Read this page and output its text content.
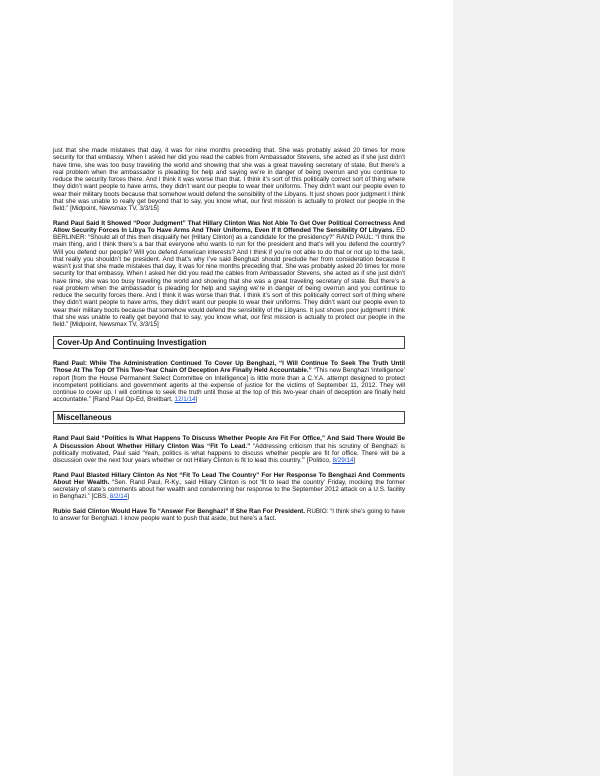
just that she made mistakes that day, it was for nine months preceding that. She was probably asked 20 times for more security for that embassy. When I asked her did you read the cables from Ambassador Stevens, she acted as if she just didn’t have time, she was too busy traveling the world and showing that she was a great traveling secretary of state. But there’s a real problem when the ambassador is pleading for help and saying we’re in danger of being overrun and you continue to reduce the security forces there. And I think it was worse than that. I think it’s sort of this politically correct sort of thing where they didn’t want people to have arms, they didn’t want our people to wear their uniforms. They didn’t want our people even to wear their military boots because that somehow would defend the sensibility of the Libyans. It just shows poor judgment I think that she was unable to really get beyond that to say, you know what, our first mission is actually to protect our people in the field.” [Midpoint, Newsmax TV, 3/3/15]

Rand Paul Said It Showed “Poor Judgment” That Hillary Clinton Was Not Able To Get Over Political Correctness And Allow Security Forces In Libya To Have Arms And Their Uniforms, Even If It Offended The Sensibility Of Libyans. ED BERLINER: “Should all of this then disqualify her [Hillary Clinton] as a candidate for the presidency?” RAND PAUL: “I think the main thing, and I think there’s a bar that everyone who wants to run for the president and that’s will you defend the country? Will you defend our people? Will you defend American interests? And I think if you’re not able to do that or not up to the task, that really you shouldn’t be president. And that’s why I’ve said Benghazi should preclude her from consideration because it wasn’t just that she made mistakes that day, it was for nine months preceding that. She was probably asked 20 times for more security for that embassy. When I asked her did you read the cables from Ambassador Stevens, she acted as if she just didn’t have time, she was too busy traveling the world and showing that she was a great traveling secretary of state. But there’s a real problem when the ambassador is pleading for help and saying we’re in danger of being overrun and you continue to reduce the security forces there. And I think it was worse than that. I think it’s sort of this politically correct sort of thing where they didn’t want people to have arms, they didn’t want our people to wear their uniforms. They didn’t want our people even to wear their military boots because that somehow would defend the sensibility of the Libyans. It just shows poor judgment I think that she was unable to really get beyond that to say, you know what, our first mission is actually to protect our people in the field.” [Midpoint, Newsmax TV, 3/3/15]

Cover-Up And Continuing Investigation

Rand Paul: While The Administration Continued To Cover Up Benghazi, “I Will Continue To Seek The Truth Until Those At The Top Of This Two-Year Chain Of Deception Are Finally Held Accountable.” “This new Benghazi ‘intelligence’ report [from the House Permanent Select Committee on Intelligence] is little more than a C.Y.A. attempt designed to protect incompetent politicians and government agents at the expense of justice for the victims of September 11, 2012. They will continue to cover up. I will continue to seek the truth until those at the top of this two-year chain of deception are finally held accountable.” [Rand Paul Op-Ed, Breitbart, 12/1/14]

Miscellaneous

Rand Paul Said “Politics Is What Happens To Discuss Whether People Are Fit For Office,” And Said There Would Be A Discussion About Whether Hillary Clinton Was “Fit To Lead.” “Addressing criticism that his scrutiny of Benghazi is politically motivated, Paul said ‘Yeah, politics is what happens to discuss whether people are fit for office. There will be a discussion over the next four years whether or not Hillary Clinton is fit to lead this country.’” [Politico, 8/29/14]

Rand Paul Blasted Hillary Clinton As Not “Fit To Lead The Country” For Her Response To Benghazi And Comments About Her Wealth. “Sen. Rand Paul, R-Ky., said Hillary Clinton is not ‘fit to lead the country’ Friday, mocking the former secretary of state’s comments about her wealth and condemning her response to the September 2012 attack on a U.S. facility in Benghazi.” [CBS, 8/2/14]

Rubio Said Clinton Would Have To “Answer For Benghazi” If She Ran For President. RUBIO: “I think she’s going to have to answer for Benghazi. I know people want to push that aside, but here’s a fact.
